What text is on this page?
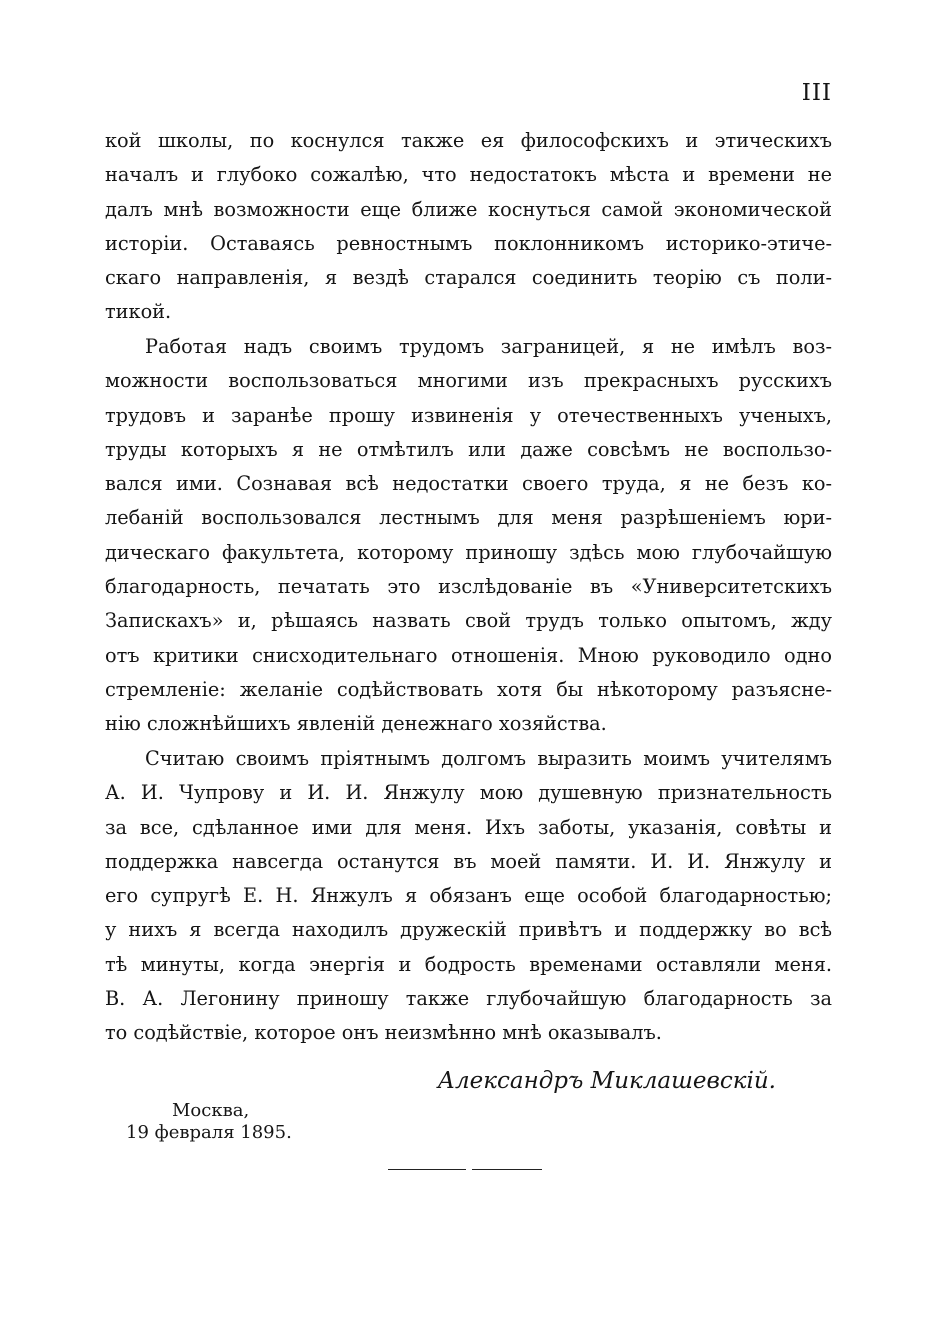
III
кой школы, по коснулся также ея философскихъ и этическихъ
началъ и глубоко сожалѣю, что недостатокъ мѣста и времени не
далъ мнѣ возможности еще ближе коснуться самой экономической
исторіи. Оставаясь ревностнымъ поклонникомъ историко-этиче-
скаго направленія, я вездѣ старался соединить теорію съ поли-
тикой.
Работая надъ своимъ трудомъ заграницей, я не имѣлъ воз-
можности воспользоваться многими изъ прекрасныхъ русскихъ
трудовъ и заранѣе прошу извиненія у отечественныхъ ученыхъ,
труды которыхъ я не отмѣтилъ или даже совсѣмъ не воспользо-
вался ими. Сознавая всѣ недостатки своего труда, я не безъ ко-
лебаній воспользовался лестнымъ для меня разрѣшеніемъ юри-
дическаго факультета, которому приношу здѣсь мою глубочайшую
благодарность, печатать это изслѣдованіе въ «Университетскихъ
Запискахъ» и, рѣшаясь назвать свой трудъ только опытомъ, жду
отъ критики снисходительнаго отношенія. Мною руководило одно
стремленіе: желаніе содѣйствовать хотя бы нѣкоторому разъясне-
нію сложнѣйшихъ явленій денежнаго хозяйства.
Считаю своимъ пріятнымъ долгомъ выразить моимъ учителямъ
А. И. Чупрову и И. И. Янжулу мою душевную признательность
за все, сдѣланное ими для меня. Ихъ заботы, указанія, совѣты и
поддержка навсегда останутся въ моей памяти. И. И. Янжулу и
его супругѣ Е. Н. Янжулъ я обязанъ еще особой благодарностью;
у нихъ я всегда находилъ дружескій привѣтъ и поддержку во всѣ
тѣ минуты, когда энергія и бодрость временами оставляли меня.
В. А. Легонину приношу также глубочайшую благодарность за
то содѣйствіе, которое онъ неизмѣнно мнѣ оказывалъ.
Александръ Миклашевскій.
Москва,
19 февраля 1895.
